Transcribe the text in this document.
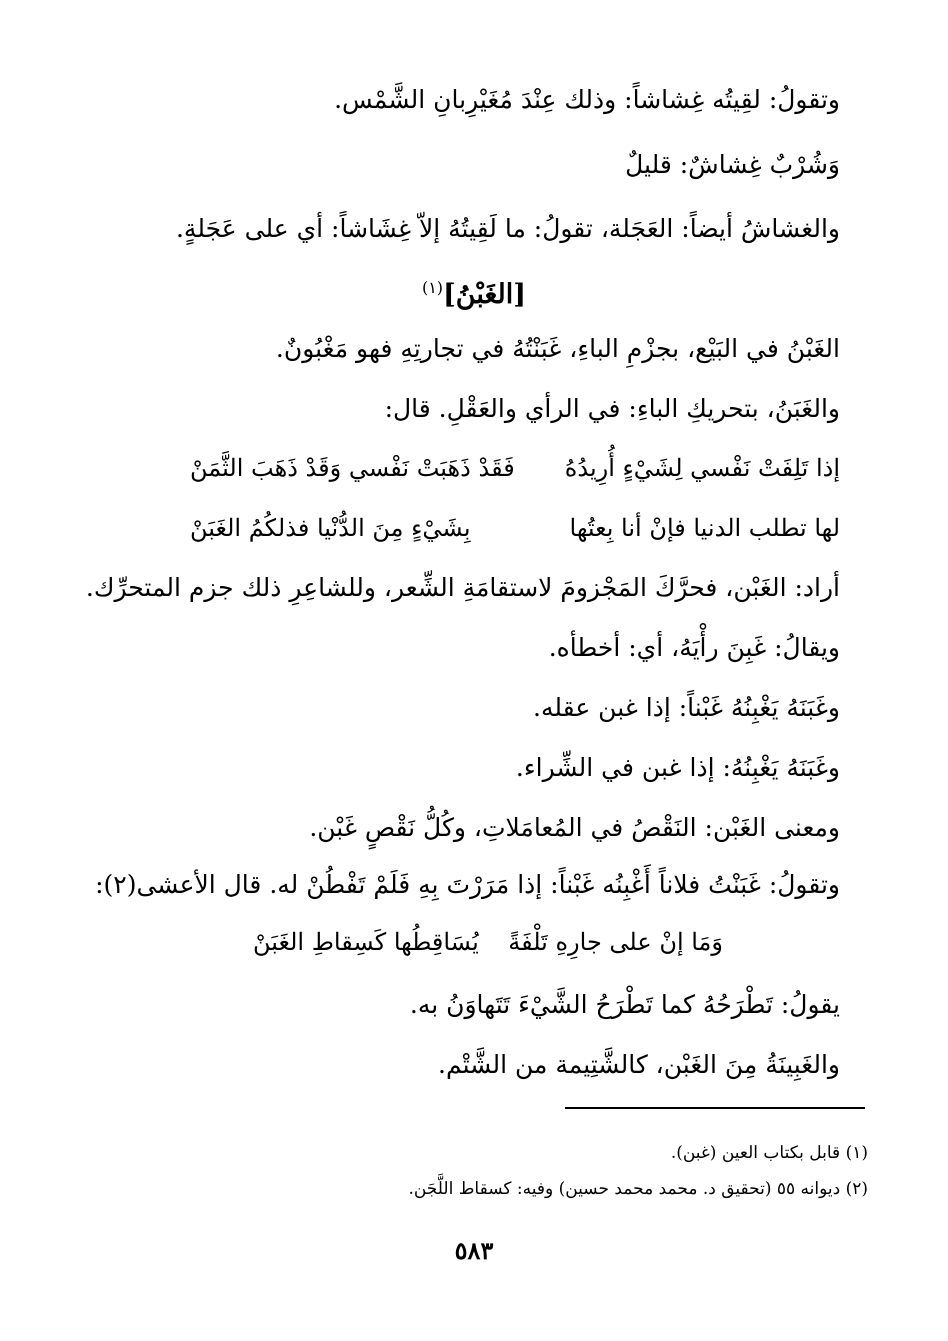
وتقولُ: لقِيتُه غِشاشاً: وذلك عِنْدَ مُغَيْرِبانِ الشَّمْس.
وَشُرْبٌ غِشاشٌ: قليلٌ
والغشاشُ أيضاً: العَجَلة، تقولُ: ما لَقِيتُهُ إلاّ غِشَاشاً: أي على عَجَلةٍ.
[الغَبْنُ]$^{(١)}$
الغَبْنُ في البَيْع، بجزْمِ الباءِ، غَبَنْتُهُ في تجارتِهِ فهو مَغْبُونٌ.
والغَبَنُ، بتحريكِ الباءِ: في الرأي والعَقْلِ. قال:
إذا تَلِفَتْ نَفْسي لِشَيْءٍ أُرِيدُهُ
فَقَدْ ذَهَبَتْ نَفْسي وَقَدْ ذَهَبَ الثَّمَنْ
لها تطلب الدنيا فإنْ أنا بِعتُها
بِشَيْءٍ مِنَ الدُّنْيا فذلكُمُ الغَبَنْ
أراد: الغَبْن، فحرَّكَ المَجْزومَ لاستقامَةِ الشِّعر، وللشاعِرِ ذلك جزم المتحرِّك.
ويقالُ: غَبِنَ رأْيَهُ، أي: أخطأه.
وغَبَنَهُ يَغْبِنُهُ غَبْناً: إذا غبن عقله.
وغَبَنَهُ يَغْبِنُهُ: إذا غبن في الشِّراء.
ومعنى الغَبْن: النَقْصُ في المُعامَلاتِ، وكُلُّ نَقْصٍ غَبْن.
وتقولُ: غَبَنْتُ فلاناً أَغْبِنُه غَبْناً: إذا مَرَرْتَ بِهِ فَلَمْ تَفْطُنْ له. قال الأعشى(٢):
وَمَا إنْ على جارِهِ تَلْفَةً
يُسَاقِطُها كَسِقاطِ الغَبَنْ
يقولُ: تَطْرَحُهُ كما تَطْرَحُ الشَّيْءَ تَتَهاوَنُ به.
والغَبِينَةُ مِنَ الغَبْن، كالشَّتِيمة من الشَّتْم.
(١) قابل بكتاب العين (غبن).
(٢) ديوانه ٥٥ (تحقيق د. محمد محمد حسين) وفيه: كسقاط اللَّجَن.
٥٨٣
